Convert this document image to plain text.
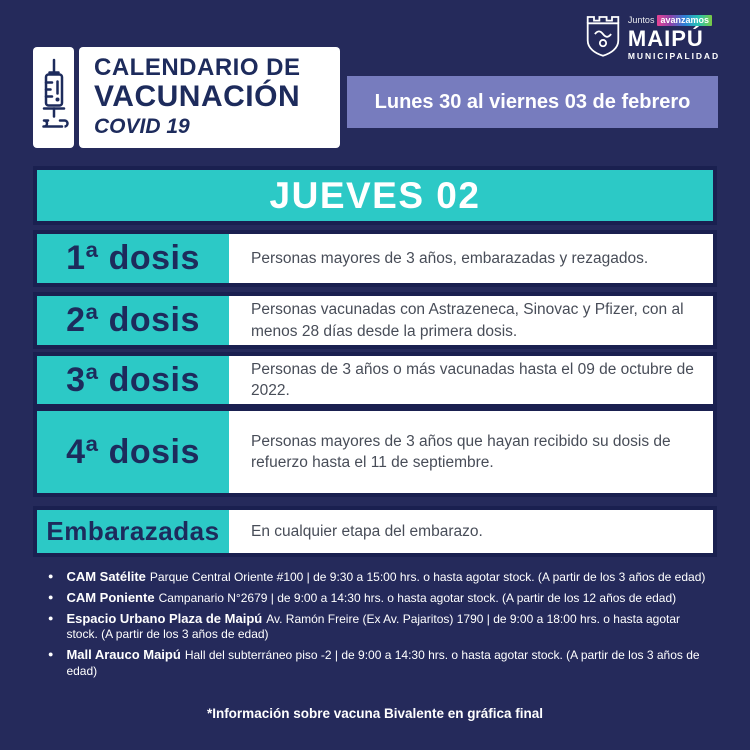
CALENDARIO DE
VACUNACIÓN
COVID 19
Juntos avanzamos
MAIPÚ
MUNICIPALIDAD
Lunes 30 al viernes 03 de febrero
JUEVES 02
1ª dosis	Personas mayores de 3 años, embarazadas y rezagados.
2ª dosis	Personas vacunadas con Astrazeneca, Sinovac y Pfizer, con al menos 28 días desde la primera dosis.
3ª dosis	Personas de 3 años o más vacunadas hasta el 09 de octubre de 2022.
4ª dosis	Personas mayores de 3 años que hayan recibido su dosis de refuerzo hasta el 11 de septiembre.
Embarazadas	En cualquier etapa del embarazo.
● CAM Satélite Parque Central Oriente #100 | de 9:30 a 15:00 hrs. o hasta agotar stock. (A partir de los 3 años de edad)
● CAM Poniente Campanario N°2679 | de 9:00 a 14:30 hrs. o hasta agotar stock. (A partir de los 12 años de edad)
● Espacio Urbano Plaza de Maipú Av. Ramón Freire (Ex Av. Pajaritos) 1790 | de 9:00 a 18:00 hrs. o hasta agotar stock. (A partir de los 3 años de edad)
● Mall Arauco Maipú Hall del subterráneo piso -2 | de 9:00 a 14:30 hrs. o hasta agotar stock. (A partir de los 3 años de edad)
*Información sobre vacuna Bivalente en gráfica final
